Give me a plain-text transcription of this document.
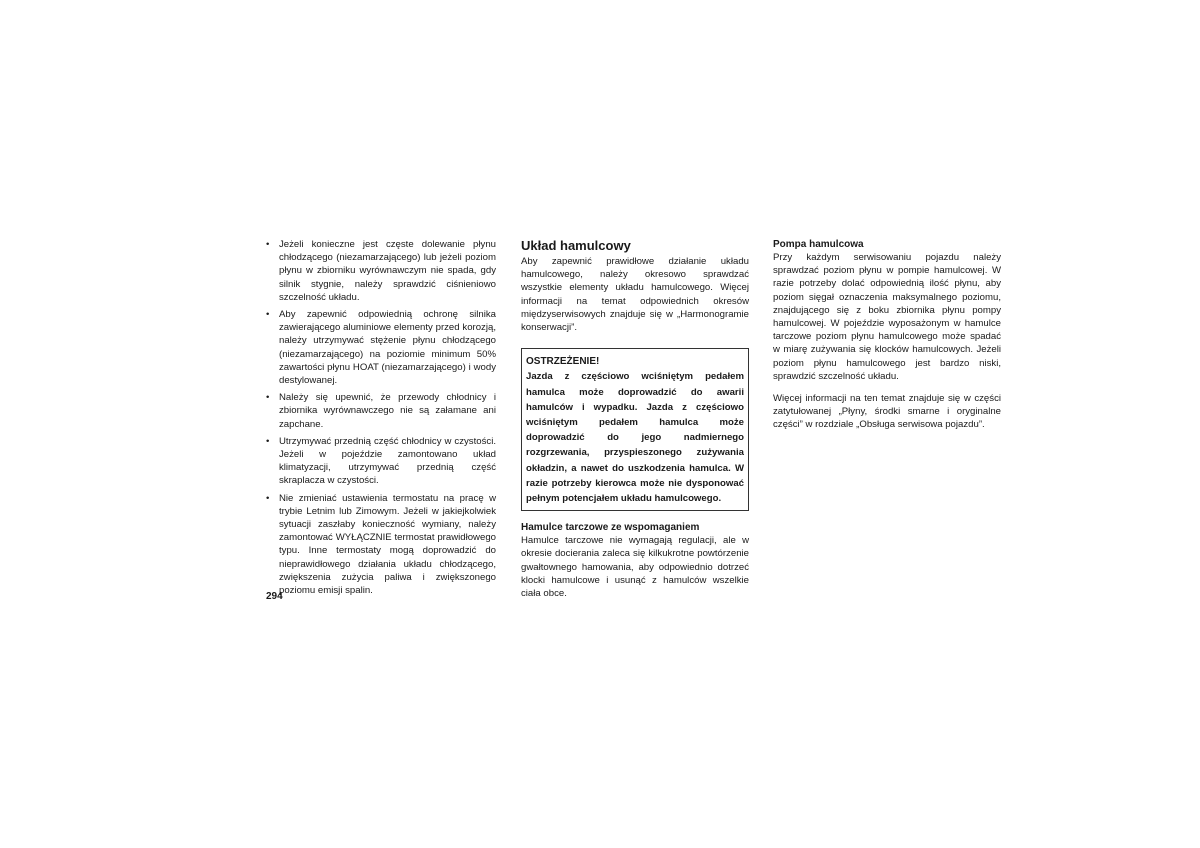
• Jeżeli konieczne jest częste dolewanie płynu chłodzącego (niezamarzającego) lub jeżeli poziom płynu w zbiorniku wyrównawczym nie spada, gdy silnik stygnie, należy sprawdzić ciśnieniowo szczelność układu.
• Aby zapewnić odpowiednią ochronę silnika zawierającego aluminiowe elementy przed korozją, należy utrzymywać stężenie płynu chłodzącego (niezamarzającego) na poziomie minimum 50% zawartości płynu HOAT (niezamarzającego) i wody destylowanej.
• Należy się upewnić, że przewody chłodnicy i zbiornika wyrównawczego nie są załamane ani zapchane.
• Utrzymywać przednią część chłodnicy w czystości. Jeżeli w pojeździe zamontowano układ klimatyzacji, utrzymywać przednią część skraplacza w czystości.
• Nie zmieniać ustawienia termostatu na pracę w trybie Letnim lub Zimowym. Jeżeli w jakiejkolwiek sytuacji zaszłaby konieczność wymiany, należy zamontować WYŁĄCZNIE termostat prawidłowego typu. Inne termostaty mogą doprowadzić do nieprawidłowego działania układu chłodzącego, zwiększenia zużycia paliwa i zwiększonego poziomu emisji spalin.
Układ hamulcowy

Aby zapewnić prawidłowe działanie układu hamulcowego, należy okresowo sprawdzać wszystkie elementy układu hamulcowego. Więcej informacji na temat odpowiednich okresów międzyserwisowych znajduje się w „Harmonogramie konserwacji”.

OSTRZEŻENIE!
Jazda z częściowo wciśniętym pedałem hamulca może doprowadzić do awarii hamulców i wypadku. Jazda z częściowo wciśniętym pedałem hamulca może doprowadzić do jego nadmiernego rozgrzewania, przyspieszonego zużywania okładzin, a nawet do uszkodzenia hamulca. W razie potrzeby kierowca może nie dysponować pełnym potencjałem układu hamulcowego.
Hamulce tarczowe ze wspomaganiem

Hamulce tarczowe nie wymagają regulacji, ale w okresie docierania zaleca się kilkukrotne powtórzenie gwałtownego hamowania, aby odpowiednio dotrzeć klocki hamulcowe i usunąć z hamulców wszelkie ciała obce.

Pompa hamulcowa

Przy każdym serwisowaniu pojazdu należy sprawdzać poziom płynu w pompie hamulcowej. W razie potrzeby dolać odpowiednią ilość płynu, aby poziom sięgał oznaczenia maksymalnego poziomu, znajdującego się z boku zbiornika płynu pompy hamulcowej. W pojeździe wyposażonym w hamulce tarczowe poziom płynu hamulcowego może spadać w miarę zużywania się klocków hamulcowych. Jeżeli poziom płynu hamulcowego jest bardzo niski, sprawdzić szczelność układu.

Więcej informacji na ten temat znajduje się w części zatytułowanej „Płyny, środki smarne i oryginalne części” w rozdziale „Obsługa serwisowa pojazdu”.

294
